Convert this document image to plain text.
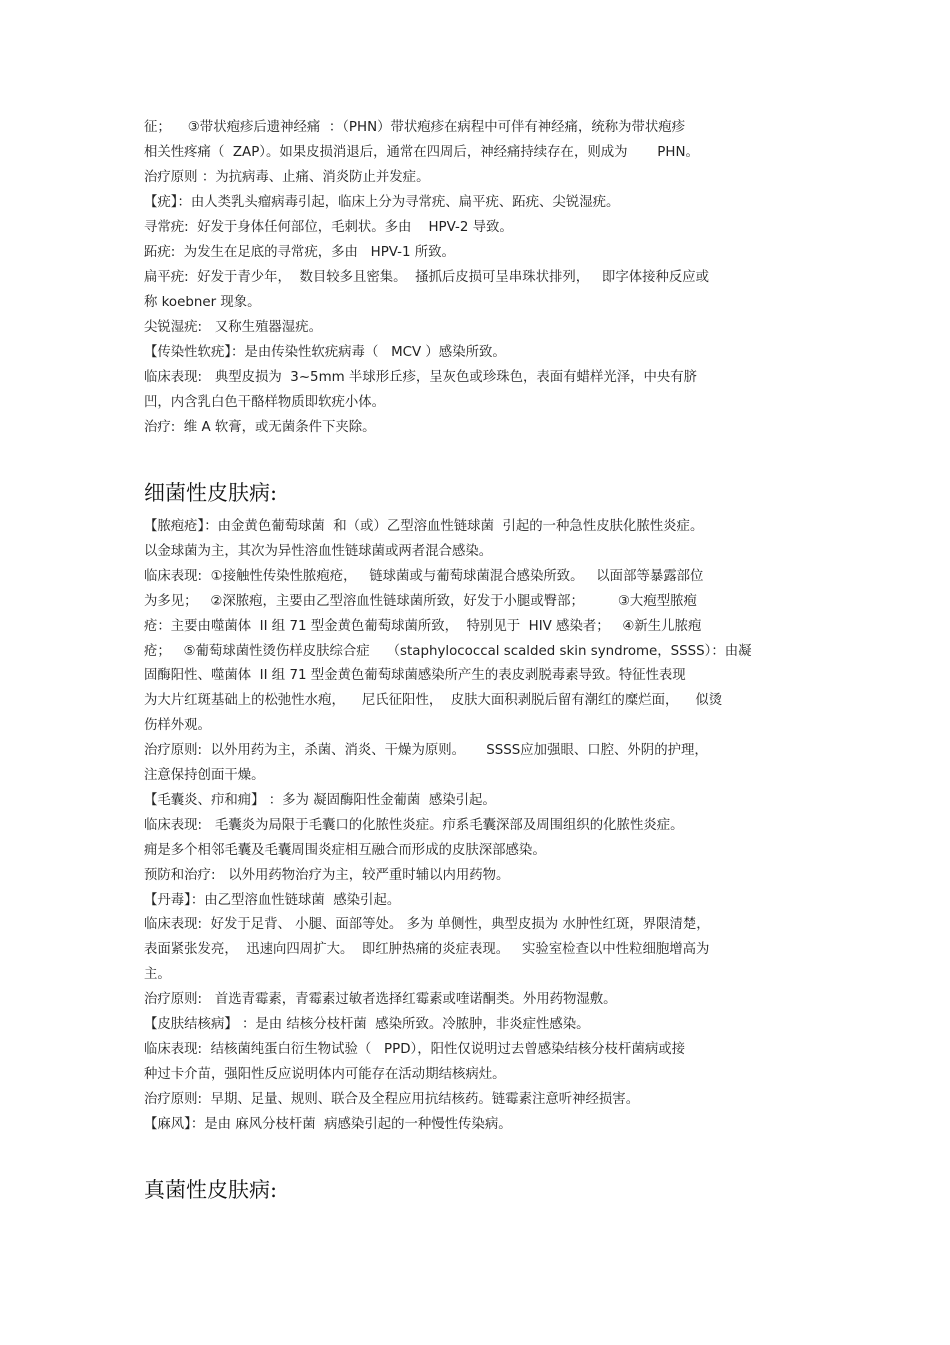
征；    ③带状疱疹后遗神经痛  ：（PHN）带状疱疹在病程中可伴有神经痛，统称为带状疱疹
相关性疼痛（  ZAP）。如果皮损消退后，通常在四周后，神经痛持续存在，则成为       PHN。
治疗原则 ：为抗病毒、止痛、消炎防止并发症。
【疣】：由人类乳头瘤病毒引起，临床上分为寻常疣、扁平疣、跖疣、尖锐湿疣。
寻常疣:  好发于身体任何部位，毛刺状。多由    HPV-2 导致。
跖疣:  为发生在足底的寻常疣，多由   HPV-1 所致。
扁平疣:  好发于青少年，  数目较多且密集。  搔抓后皮损可呈串珠状排列，   即字体接种反应或
称 koebner 现象。
尖锐湿疣:   又称生殖器湿疣。
【传染性软疣】：是由传染性软疣病毒（   MCV ）感染所致。
临床表现:   典型皮损为  3~5mm 半球形丘疹，呈灰色或珍珠色，表面有蜡样光泽，中央有脐
凹，内含乳白色干酪样物质即软疣小体。
治疗:  维 A 软膏，或无菌条件下夹除。
细菌性皮肤病:
【脓疱疮】：由金黄色葡萄球菌  和（或）乙型溶血性链球菌  引起的一种急性皮肤化脓性炎症。
以金球菌为主，其次为异性溶血性链球菌或两者混合感染。
临床表现:  ①接触性传染性脓疱疮，   链球菌或与葡萄球菌混合感染所致。   以面部等暴露部位
为多见；   ②深脓疱，主要由乙型溶血性链球菌所致，好发于小腿或臀部；        ③大疱型脓疱
疮：主要由噬菌体  II 组 71 型金黄色葡萄球菌所致，  特别见于  HIV 感染者；   ④新生儿脓疱
疮；   ⑤葡萄球菌性烫伤样皮肤综合症    （staphylococcal scalded skin syndrome，SSSS）：由凝
固酶阳性、噬菌体  II 组 71 型金黄色葡萄球菌感染所产生的表皮剥脱毒素导致。特征性表现
为大片红斑基础上的松弛性水疱，    尼氏征阳性，  皮肤大面积剥脱后留有潮红的糜烂面，    似烫
伤样外观。
治疗原则:  以外用药为主，杀菌、消炎、干燥为原则。     SSSS应加强眼、口腔、外阴的护理，
注意保持创面干燥。
【毛囊炎、疖和痈】 ：多为 凝固酶阳性金葡菌  感染引起。
临床表现:   毛囊炎为局限于毛囊口的化脓性炎症。疖系毛囊深部及周围组织的化脓性炎症。
痈是多个相邻毛囊及毛囊周围炎症相互融合而形成的皮肤深部感染。
预防和治疗:   以外用药物治疗为主，较严重时辅以内用药物。
【丹毒】：由乙型溶血性链球菌  感染引起。
临床表现:  好发于足背、 小腿、面部等处。 多为 单侧性，典型皮损为 水肿性红斑，界限清楚，
表面紧张发亮，  迅速向四周扩大。  即红肿热痛的炎症表现。   实验室检查以中性粒细胞增高为
主。
治疗原则:   首选青霉素，青霉素过敏者选择红霉素或喹诺酮类。外用药物湿敷。
【皮肤结核病】 ：是由 结核分枝杆菌  感染所致。冷脓肿，非炎症性感染。
临床表现:  结核菌纯蛋白衍生物试验（   PPD），阳性仅说明过去曾感染结核分枝杆菌病或接
种过卡介苗，强阳性反应说明体内可能存在活动期结核病灶。
治疗原则:  早期、足量、规则、联合及全程应用抗结核药。链霉素注意听神经损害。
【麻风】：是由 麻风分枝杆菌  病感染引起的一种慢性传染病。
真菌性皮肤病:
